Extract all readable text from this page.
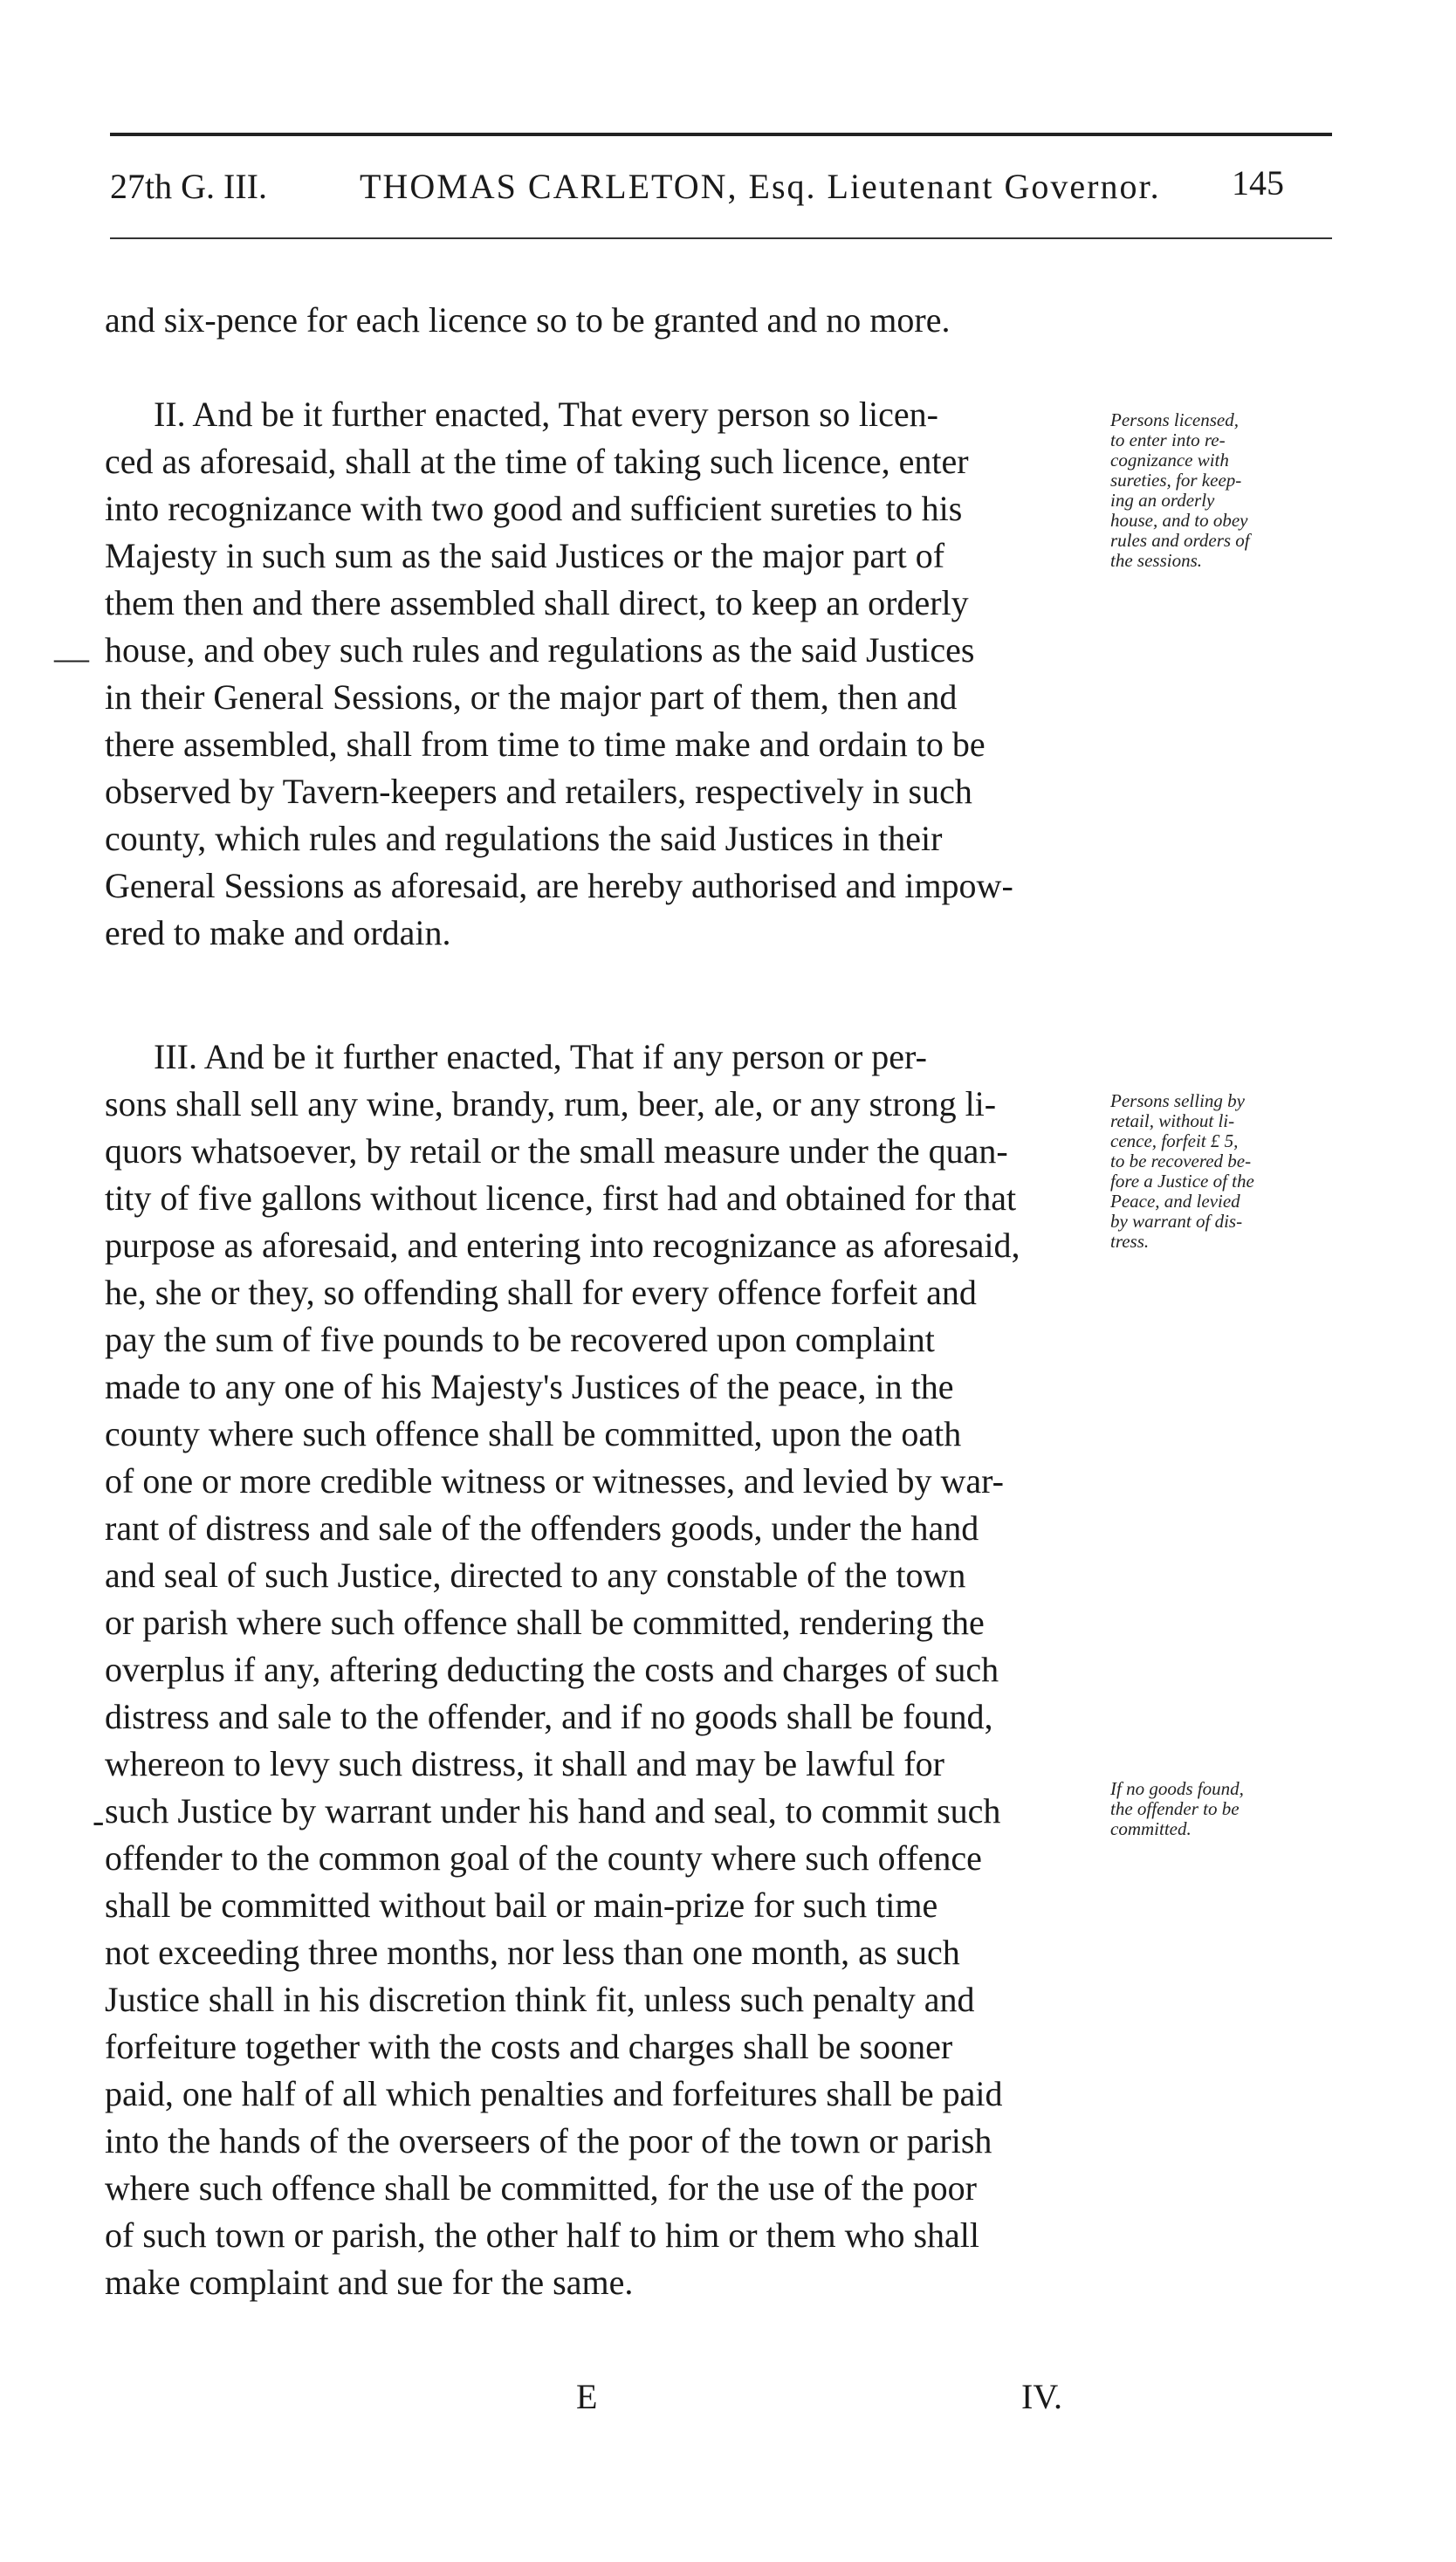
27th G. III.	THOMAS CARLETON, Esq. Lieutenant Governor. 145
and six-pence for each licence so to be granted and no more.
II. And be it further enacted, That every person so licen-
ced as aforesaid, shall at the time of taking such licence, enter
into recognizance with two good and sufficient sureties to his
Majesty in such sum as the said Justices or the major part of
them then and there assembled shall direct, to keep an orderly
house, and obey such rules and regulations as the said Justices
in their General Sessions, or the major part of them, then and
there assembled, shall from time to time make and ordain to be
observed by Tavern-keepers and retailers, respectively in such
county, which rules and regulations the said Justices in their
General Sessions as aforesaid, are hereby authorised and impow-
ered to make and ordain.
III. And be it further enacted, That if any person or per-
sons shall sell any wine, brandy, rum, beer, ale, or any strong li-
quors whatsoever, by retail or the small measure under the quan-
tity of five gallons without licence, first had and obtained for that
purpose as aforesaid, and entering into recognizance as aforesaid,
he, she or they, so offending shall for every offence forfeit and
pay the sum of five pounds to be recovered upon complaint
made to any one of his Majesty's Justices of the peace, in the
county where such offence shall be committed, upon the oath
of one or more credible witness or witnesses, and levied by war-
rant of distress and sale of the offenders goods, under the hand
and seal of such Justice, directed to any constable of the town
or parish where such offence shall be committed, rendering the
overplus if any, aftering deducting the costs and charges of such
distress and sale to the offender, and if no goods shall be found,
whereon to levy such distress, it shall and may be lawful for
such Justice by warrant under his hand and seal, to commit such
offender to the common goal of the county where such offence
shall be committed without bail or main-prize for such time
not exceeding three months, nor less than one month, as such
Justice shall in his discretion think fit, unless such penalty and
forfeiture together with the costs and charges shall be sooner
paid, one half of all which penalties and forfeitures shall be paid
into the hands of the overseers of the poor of the town or parish
where such offence shall be committed, for the use of the poor
of such town or parish, the other half to him or them who shall
make complaint and sue for the same.
Persons licensed,
to enter into re-
cognizance with
sureties, for keep-
ing an orderly
house, and to obey
rules and orders of
the sessions.
Persons selling by
retail, without li-
cence, forfeit £ 5,
to be recovered be-
fore a Justice of the
Peace, and levied
by warrant of dis-
tress.
If no goods found,
the offender to be
committed.
—
-
E	IV.
